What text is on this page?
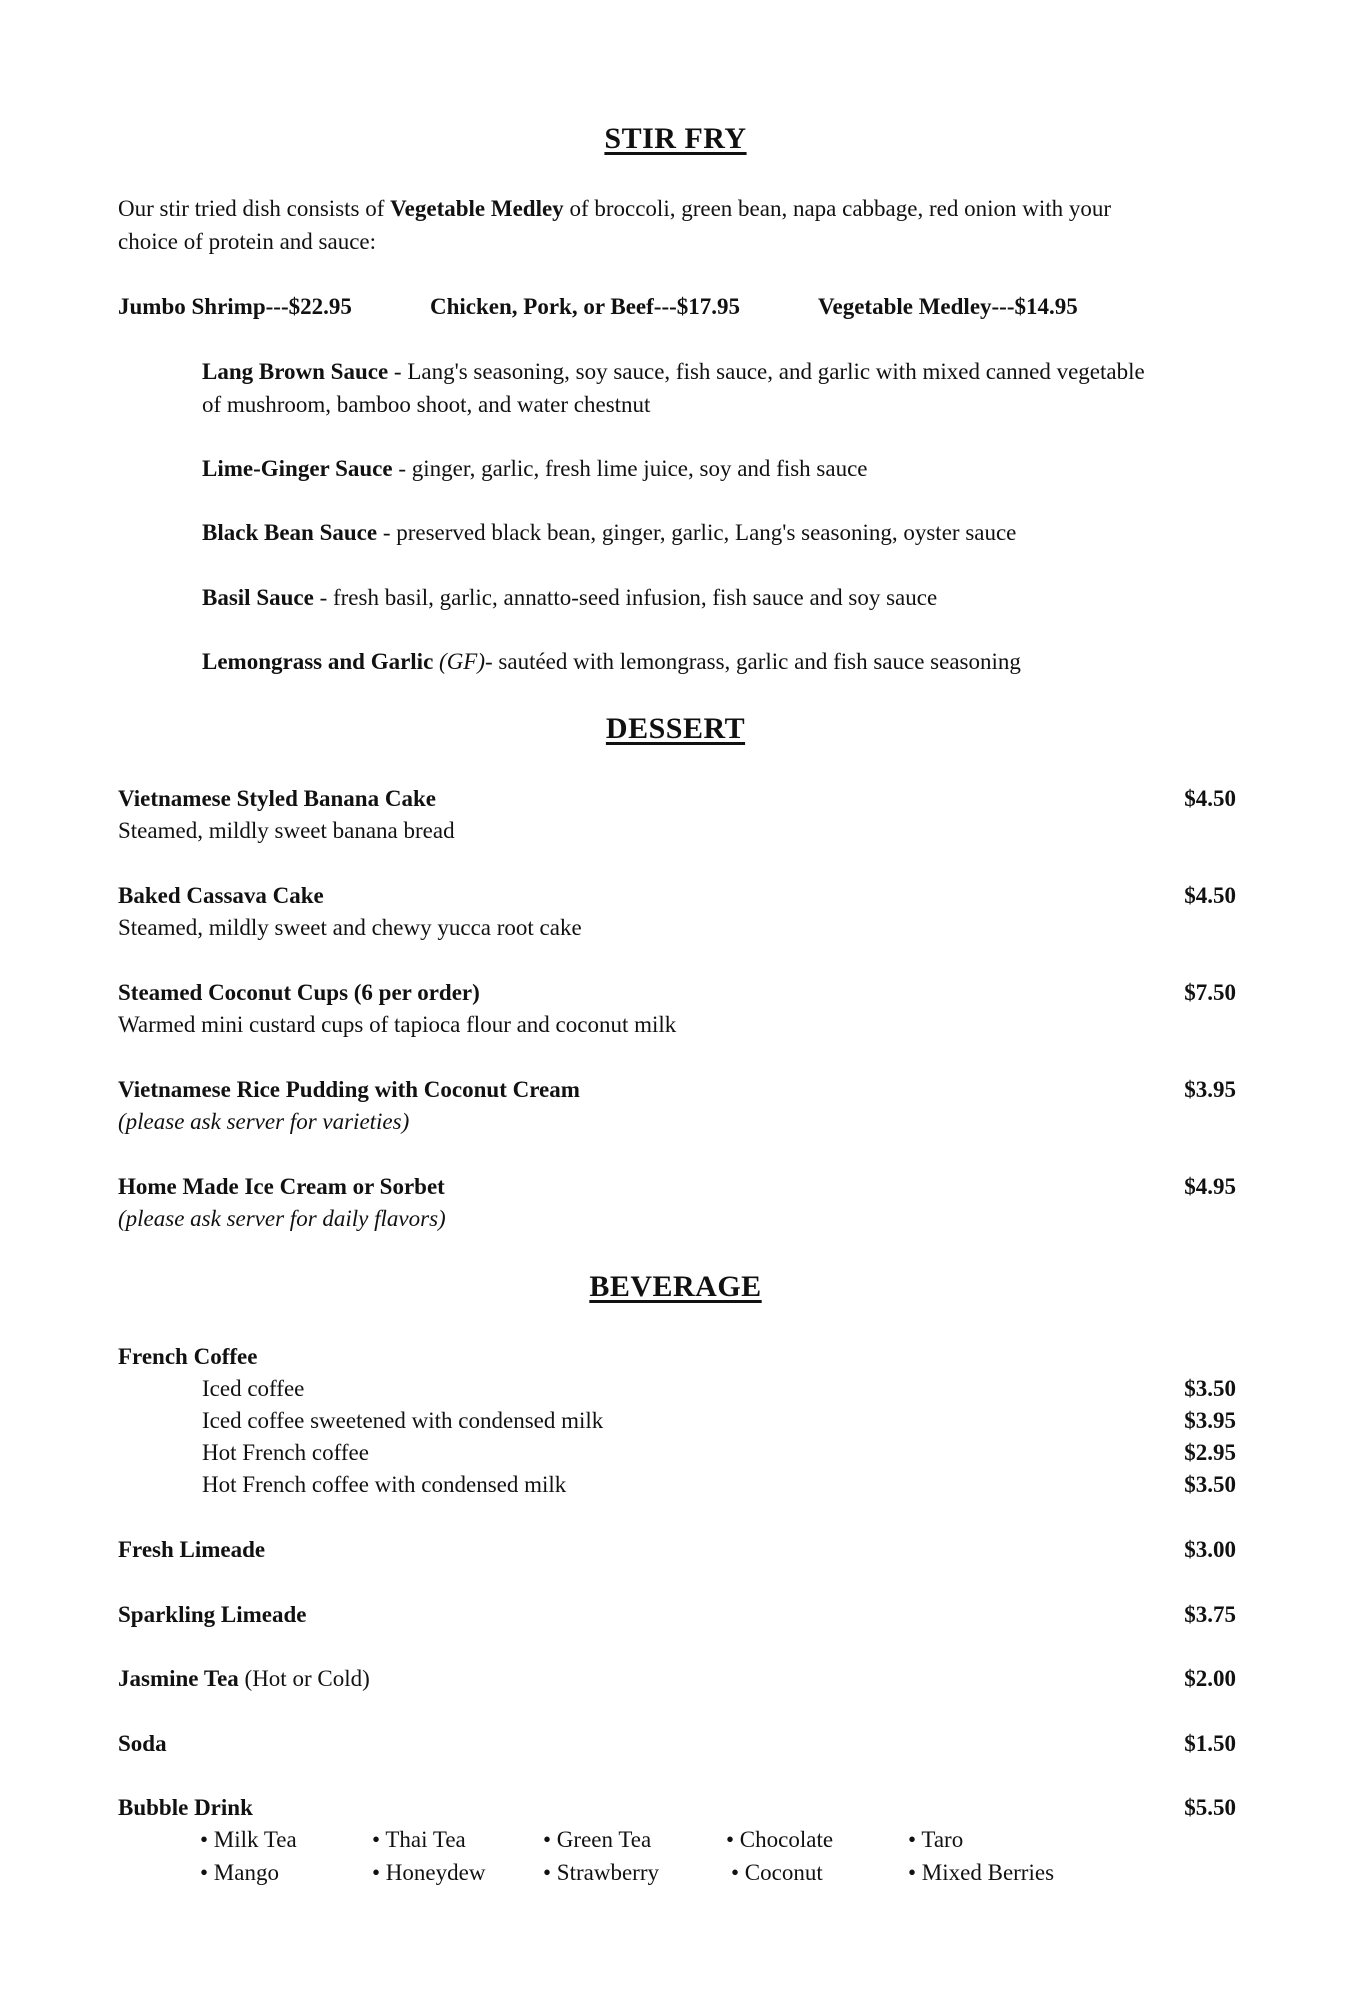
STIR FRY
Our stir tried dish consists of Vegetable Medley of broccoli, green bean, napa cabbage, red onion with your choice of protein and sauce:
Jumbo Shrimp---$22.95	Chicken, Pork, or Beef---$17.95	Vegetable Medley---$14.95
Lang Brown Sauce - Lang's seasoning, soy sauce, fish sauce, and garlic with mixed canned vegetable of mushroom, bamboo shoot, and water chestnut
Lime-Ginger Sauce - ginger, garlic, fresh lime juice, soy and fish sauce
Black Bean Sauce - preserved black bean, ginger, garlic, Lang's seasoning, oyster sauce
Basil Sauce - fresh basil, garlic, annatto-seed infusion, fish sauce and soy sauce
Lemongrass and Garlic (GF)- sautéed with lemongrass, garlic and fish sauce seasoning
DESSERT
Vietnamese Styled Banana Cake	$4.50
Steamed, mildly sweet banana bread
Baked Cassava Cake	$4.50
Steamed, mildly sweet and chewy yucca root cake
Steamed Coconut Cups (6 per order)	$7.50
Warmed mini custard cups of tapioca flour and coconut milk
Vietnamese Rice Pudding with Coconut Cream	$3.95
(please ask server for varieties)
Home Made Ice Cream or Sorbet	$4.95
(please ask server for daily flavors)
BEVERAGE
French Coffee
Iced coffee	$3.50
Iced coffee sweetened with condensed milk	$3.95
Hot French coffee	$2.95
Hot French coffee with condensed milk	$3.50
Fresh Limeade	$3.00
Sparkling Limeade	$3.75
Jasmine Tea (Hot or Cold)	$2.00
Soda	$1.50
Bubble Drink	$5.50
• Milk Tea	• Thai Tea	• Green Tea	• Chocolate	• Taro
• Mango	• Honeydew	• Strawberry	• Coconut	• Mixed Berries
